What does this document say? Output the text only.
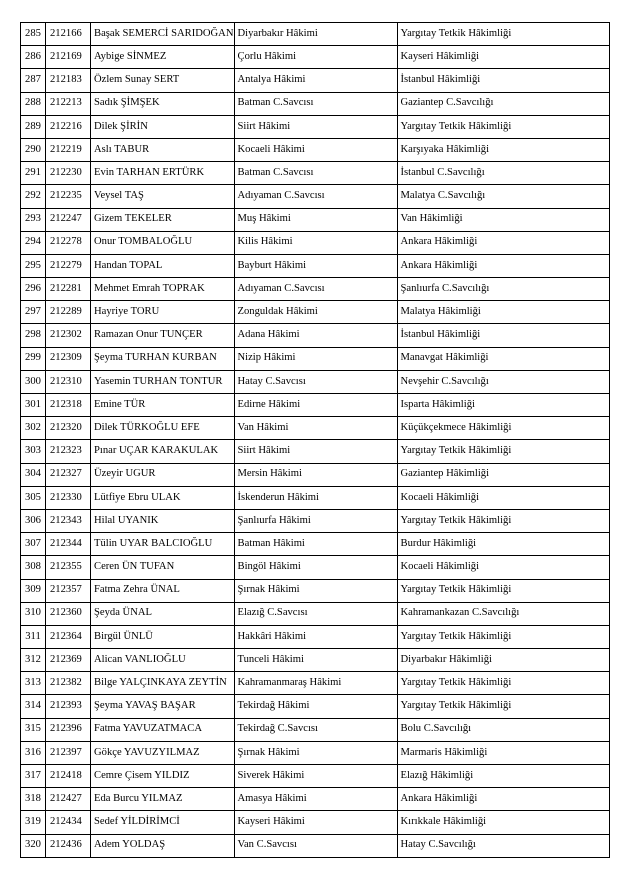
285	212166	Başak SEMERCİ SARIDOĞAN	Diyarbakır Hâkimi	Yargıtay Tetkik Hâkimliği
286	212169	Aybige SİNMEZ	Çorlu Hâkimi	Kayseri Hâkimliği
287	212183	Özlem Sunay SERT	Antalya Hâkimi	İstanbul Hâkimliği
288	212213	Sadık ŞİMŞEK	Batman C.Savcısı	Gaziantep C.Savcılığı
289	212216	Dilek ŞİRİN	Siirt Hâkimi	Yargıtay Tetkik Hâkimliği
290	212219	Aslı TABUR	Kocaeli Hâkimi	Karşıyaka Hâkimliği
291	212230	Evin TARHAN ERTÜRK	Batman C.Savcısı	İstanbul C.Savcılığı
292	212235	Veysel TAŞ	Adıyaman C.Savcısı	Malatya C.Savcılığı
293	212247	Gizem TEKELER	Muş Hâkimi	Van Hâkimliği
294	212278	Onur TOMBALOĞLU	Kilis Hâkimi	Ankara Hâkimliği
295	212279	Handan TOPAL	Bayburt Hâkimi	Ankara Hâkimliği
296	212281	Mehmet Emrah TOPRAK	Adıyaman C.Savcısı	Şanlıurfa C.Savcılığı
297	212289	Hayriye TORU	Zonguldak Hâkimi	Malatya Hâkimliği
298	212302	Ramazan Onur TUNÇER	Adana Hâkimi	İstanbul Hâkimliği
299	212309	Şeyma TURHAN KURBAN	Nizip Hâkimi	Manavgat Hâkimliği
300	212310	Yasemin TURHAN TONTUR	Hatay C.Savcısı	Nevşehir C.Savcılığı
301	212318	Emine TÜR	Edirne Hâkimi	Isparta Hâkimliği
302	212320	Dilek TÜRKOĞLU EFE	Van Hâkimi	Küçükçekmece Hâkimliği
303	212323	Pınar UÇAR KARAKULAK	Siirt Hâkimi	Yargıtay Tetkik Hâkimliği
304	212327	Üzeyir UGUR	Mersin Hâkimi	Gaziantep Hâkimliği
305	212330	Lütfiye Ebru ULAK	İskenderun Hâkimi	Kocaeli Hâkimliği
306	212343	Hilal UYANIK	Şanlıurfa Hâkimi	Yargıtay Tetkik Hâkimliği
307	212344	Tülin UYAR BALCIOĞLU	Batman Hâkimi	Burdur Hâkimliği
308	212355	Ceren ÜN TUFAN	Bingöl Hâkimi	Kocaeli Hâkimliği
309	212357	Fatma Zehra ÜNAL	Şırnak Hâkimi	Yargıtay Tetkik Hâkimliği
310	212360	Şeyda ÜNAL	Elazığ C.Savcısı	Kahramankazan C.Savcılığı
311	212364	Birgül ÜNLÜ	Hakkâri Hâkimi	Yargıtay Tetkik Hâkimliği
312	212369	Alican VANLIOĞLU	Tunceli Hâkimi	Diyarbakır Hâkimliği
313	212382	Bilge YALÇINKAYA ZEYTİN	Kahramanmaraş Hâkimi	Yargıtay Tetkik Hâkimliği
314	212393	Şeyma YAVAŞ BAŞAR	Tekirdağ Hâkimi	Yargıtay Tetkik Hâkimliği
315	212396	Fatma YAVUZATMACA	Tekirdağ C.Savcısı	Bolu C.Savcılığı
316	212397	Gökçe YAVUZYILMAZ	Şırnak Hâkimi	Marmaris Hâkimliği
317	212418	Cemre Çisem YILDIZ	Siverek Hâkimi	Elazığ Hâkimliği
318	212427	Eda Burcu YILMAZ	Amasya Hâkimi	Ankara Hâkimliği
319	212434	Sedef YİLDİRİMCİ	Kayseri Hâkimi	Kırıkkale Hâkimliği
320	212436	Adem YOLDAŞ	Van C.Savcısı	Hatay C.Savcılığı
